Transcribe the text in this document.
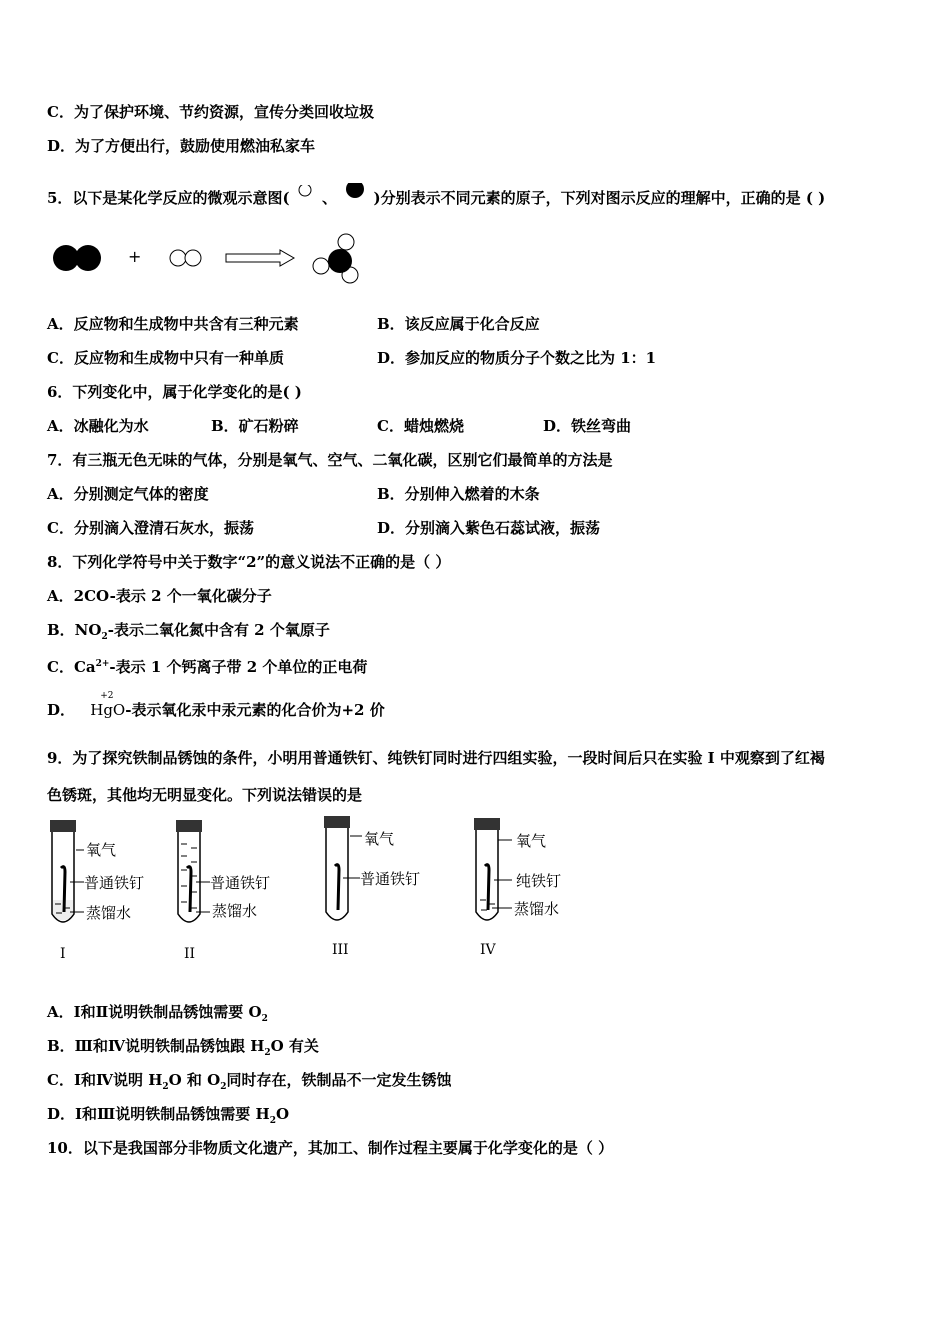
C．为了保护环境、节约资源，宣传分类回收垃圾
D．为了方便出行，鼓励使用燃油私家车
5．以下是某化学反应的微观示意图( 、 )分别表示不同元素的原子，下列对图示反应的理解中，正确的是 ( )
+
A．反应物和生成物中共含有三种元素	B．该反应属于化合反应
C．反应物和生成物中只有一种单质	D．参加反应的物质分子个数之比为 1：1
6．下列变化中，属于化学变化的是( )
A．冰融化为水	B．矿石粉碎	C．蜡烛燃烧	D．铁丝弯曲
7．有三瓶无色无味的气体，分别是氧气、空气、二氧化碳，区别它们最简单的方法是
A．分别测定气体的密度	B．分别伸入燃着的木条
C．分别滴入澄清石灰水，振荡	D．分别滴入紫色石蕊试液，振荡
8．下列化学符号中关于数字“2”的意义说法不正确的是（ ）
A．2CO-表示 2 个一氧化碳分子
B．$NO_2-$表示二氧化氮中含有 2 个氧原子
C．$Ca^{2+}-$表示 1 个钙离子带 2 个单位的正电荷
D．
+2
HgO-表示氧化汞中汞元素的化合价为+2 价
9．为了探究铁制品锈蚀的条件，小明用普通铁钉、纯铁钉同时进行四组实验，一段时间后只在实验 I 中观察到了红褐
色锈斑，其他均无明显变化。下列说法错误的是
氧气
普通铁钉
蒸馏水
I
普通铁钉
蒸馏水
II
氧气
普通铁钉
III
氧气
纯铁钉
蒸馏水
IV
A．Ⅰ和Ⅱ说明铁制品锈蚀需要 $O_2$
B．Ⅲ和Ⅳ说明铁制品锈蚀跟 $H_2O$ 有关
C．Ⅰ和Ⅳ说明 $H_2O$ 和 $O_2$同时存在，铁制品不一定发生锈蚀
D．Ⅰ和Ⅲ说明铁制品锈蚀需要 $H_2O$
10．以下是我国部分非物质文化遗产，其加工、制作过程主要属于化学变化的是（ ）
